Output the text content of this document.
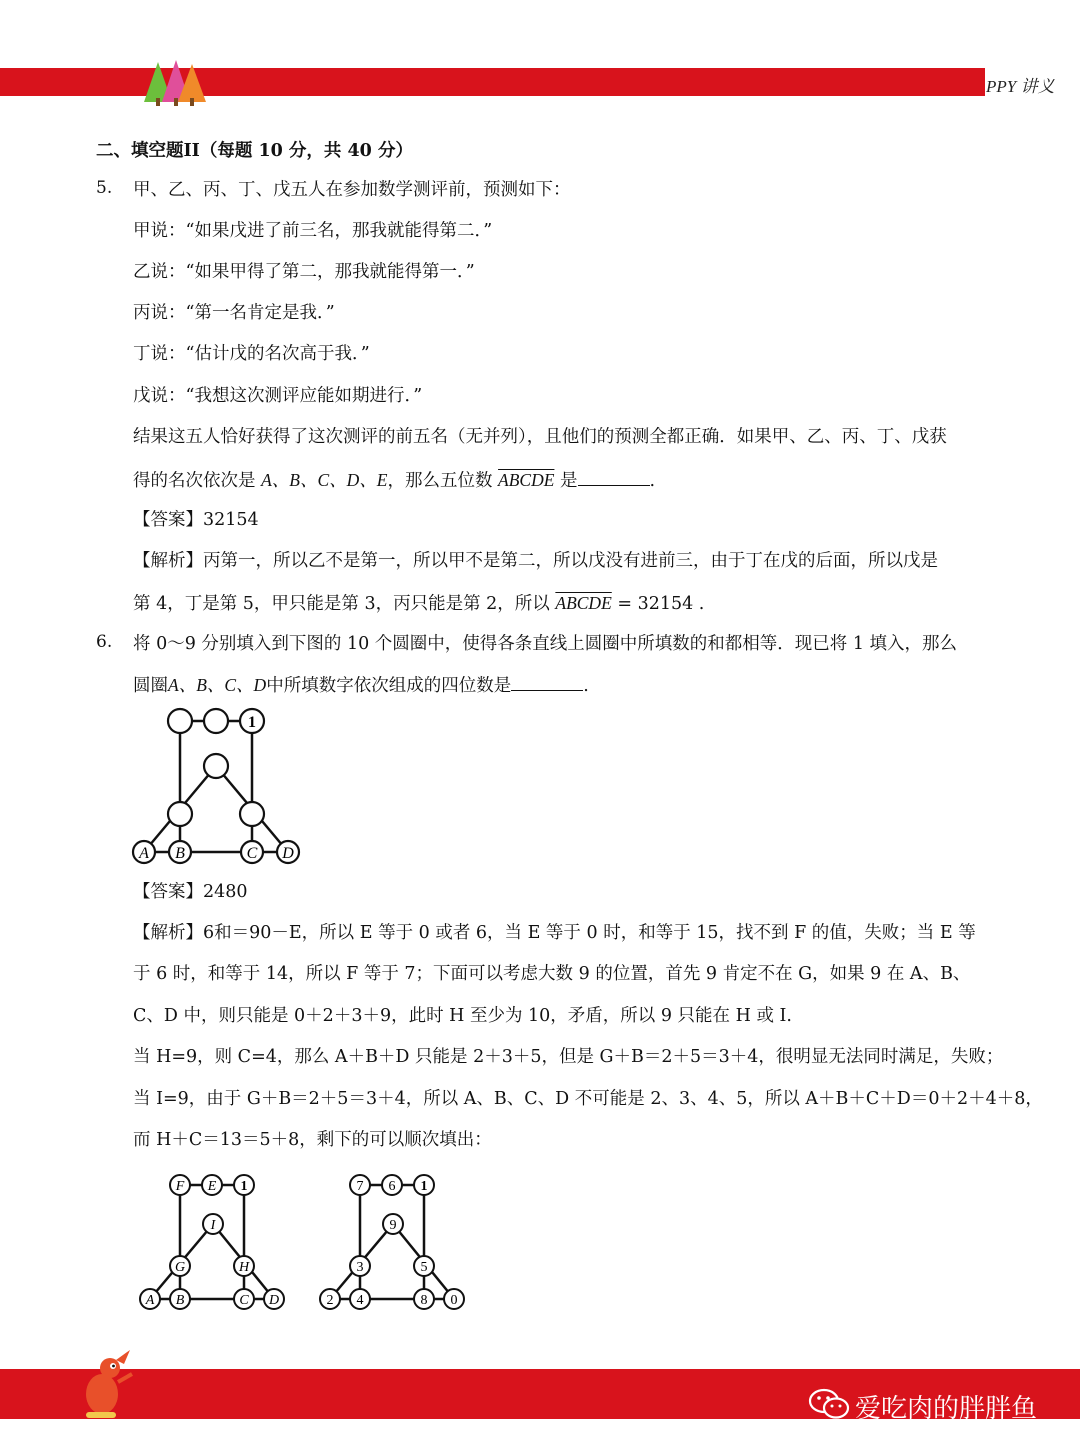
PPY 讲义
二、填空题II（每题 10 分，共 40 分）
5. 甲、乙、丙、丁、戊五人在参加数学测评前，预测如下：
甲说：“如果戊进了前三名，那我就能得第二．”
乙说：“如果甲得了第二，那我就能得第一．”
丙说：“第一名肯定是我．”
丁说：“估计戊的名次高于我．”
戊说：“我想这次测评应能如期进行．”
结果这五人恰好获得了这次测评的前五名（无并列），且他们的预测全都正确．如果甲、乙、丙、丁、戊获
得的名次依次是 A、B、C、D、E，那么五位数 ABCDE 是	.
【答案】32154
【解析】丙第一，所以乙不是第一，所以甲不是第二，所以戊没有进前三，由于丁在戊的后面，所以戊是
第 4，丁是第 5，甲只能是第 3，丙只能是第 2，所以 ABCDE = 32154 .
6. 将 0～9 分别填入到下图的 10 个圆圈中，使得各条直线上圆圈中所填数的和都相等．现已将 1 填入，那么
圆圈A、B、C、D中所填数字依次组成的四位数是	.
1
A B	C D
【答案】2480
【解析】6和＝90－E，所以 E 等于 0 或者 6，当 E 等于 0 时，和等于 15，找不到 F 的值，失败；当 E 等
于 6 时，和等于 14，所以 F 等于 7；下面可以考虑大数 9 的位置，首先 9 肯定不在 G，如果 9 在 A、B、
C、D 中，则只能是 0＋2＋3＋9，此时 H 至少为 10，矛盾，所以 9 只能在 H 或 I.
当 H=9，则 C=4，那么 A＋B＋D 只能是 2＋3＋5，但是 G＋B＝2＋5＝3＋4，很明显无法同时满足，失败；
当 I=9，由于 G＋B＝2＋5＝3＋4，所以 A、B、C、D 不可能是 2、3、4、5，所以 A＋B＋C＋D＝0＋2＋4＋8，
而 H＋C＝13＝5＋8，剩下的可以顺次填出：
F E 1
I
G	H
A B	C D
7 6 1
9
3	5
2 4	8 0
爱吃肉的胖胖鱼
